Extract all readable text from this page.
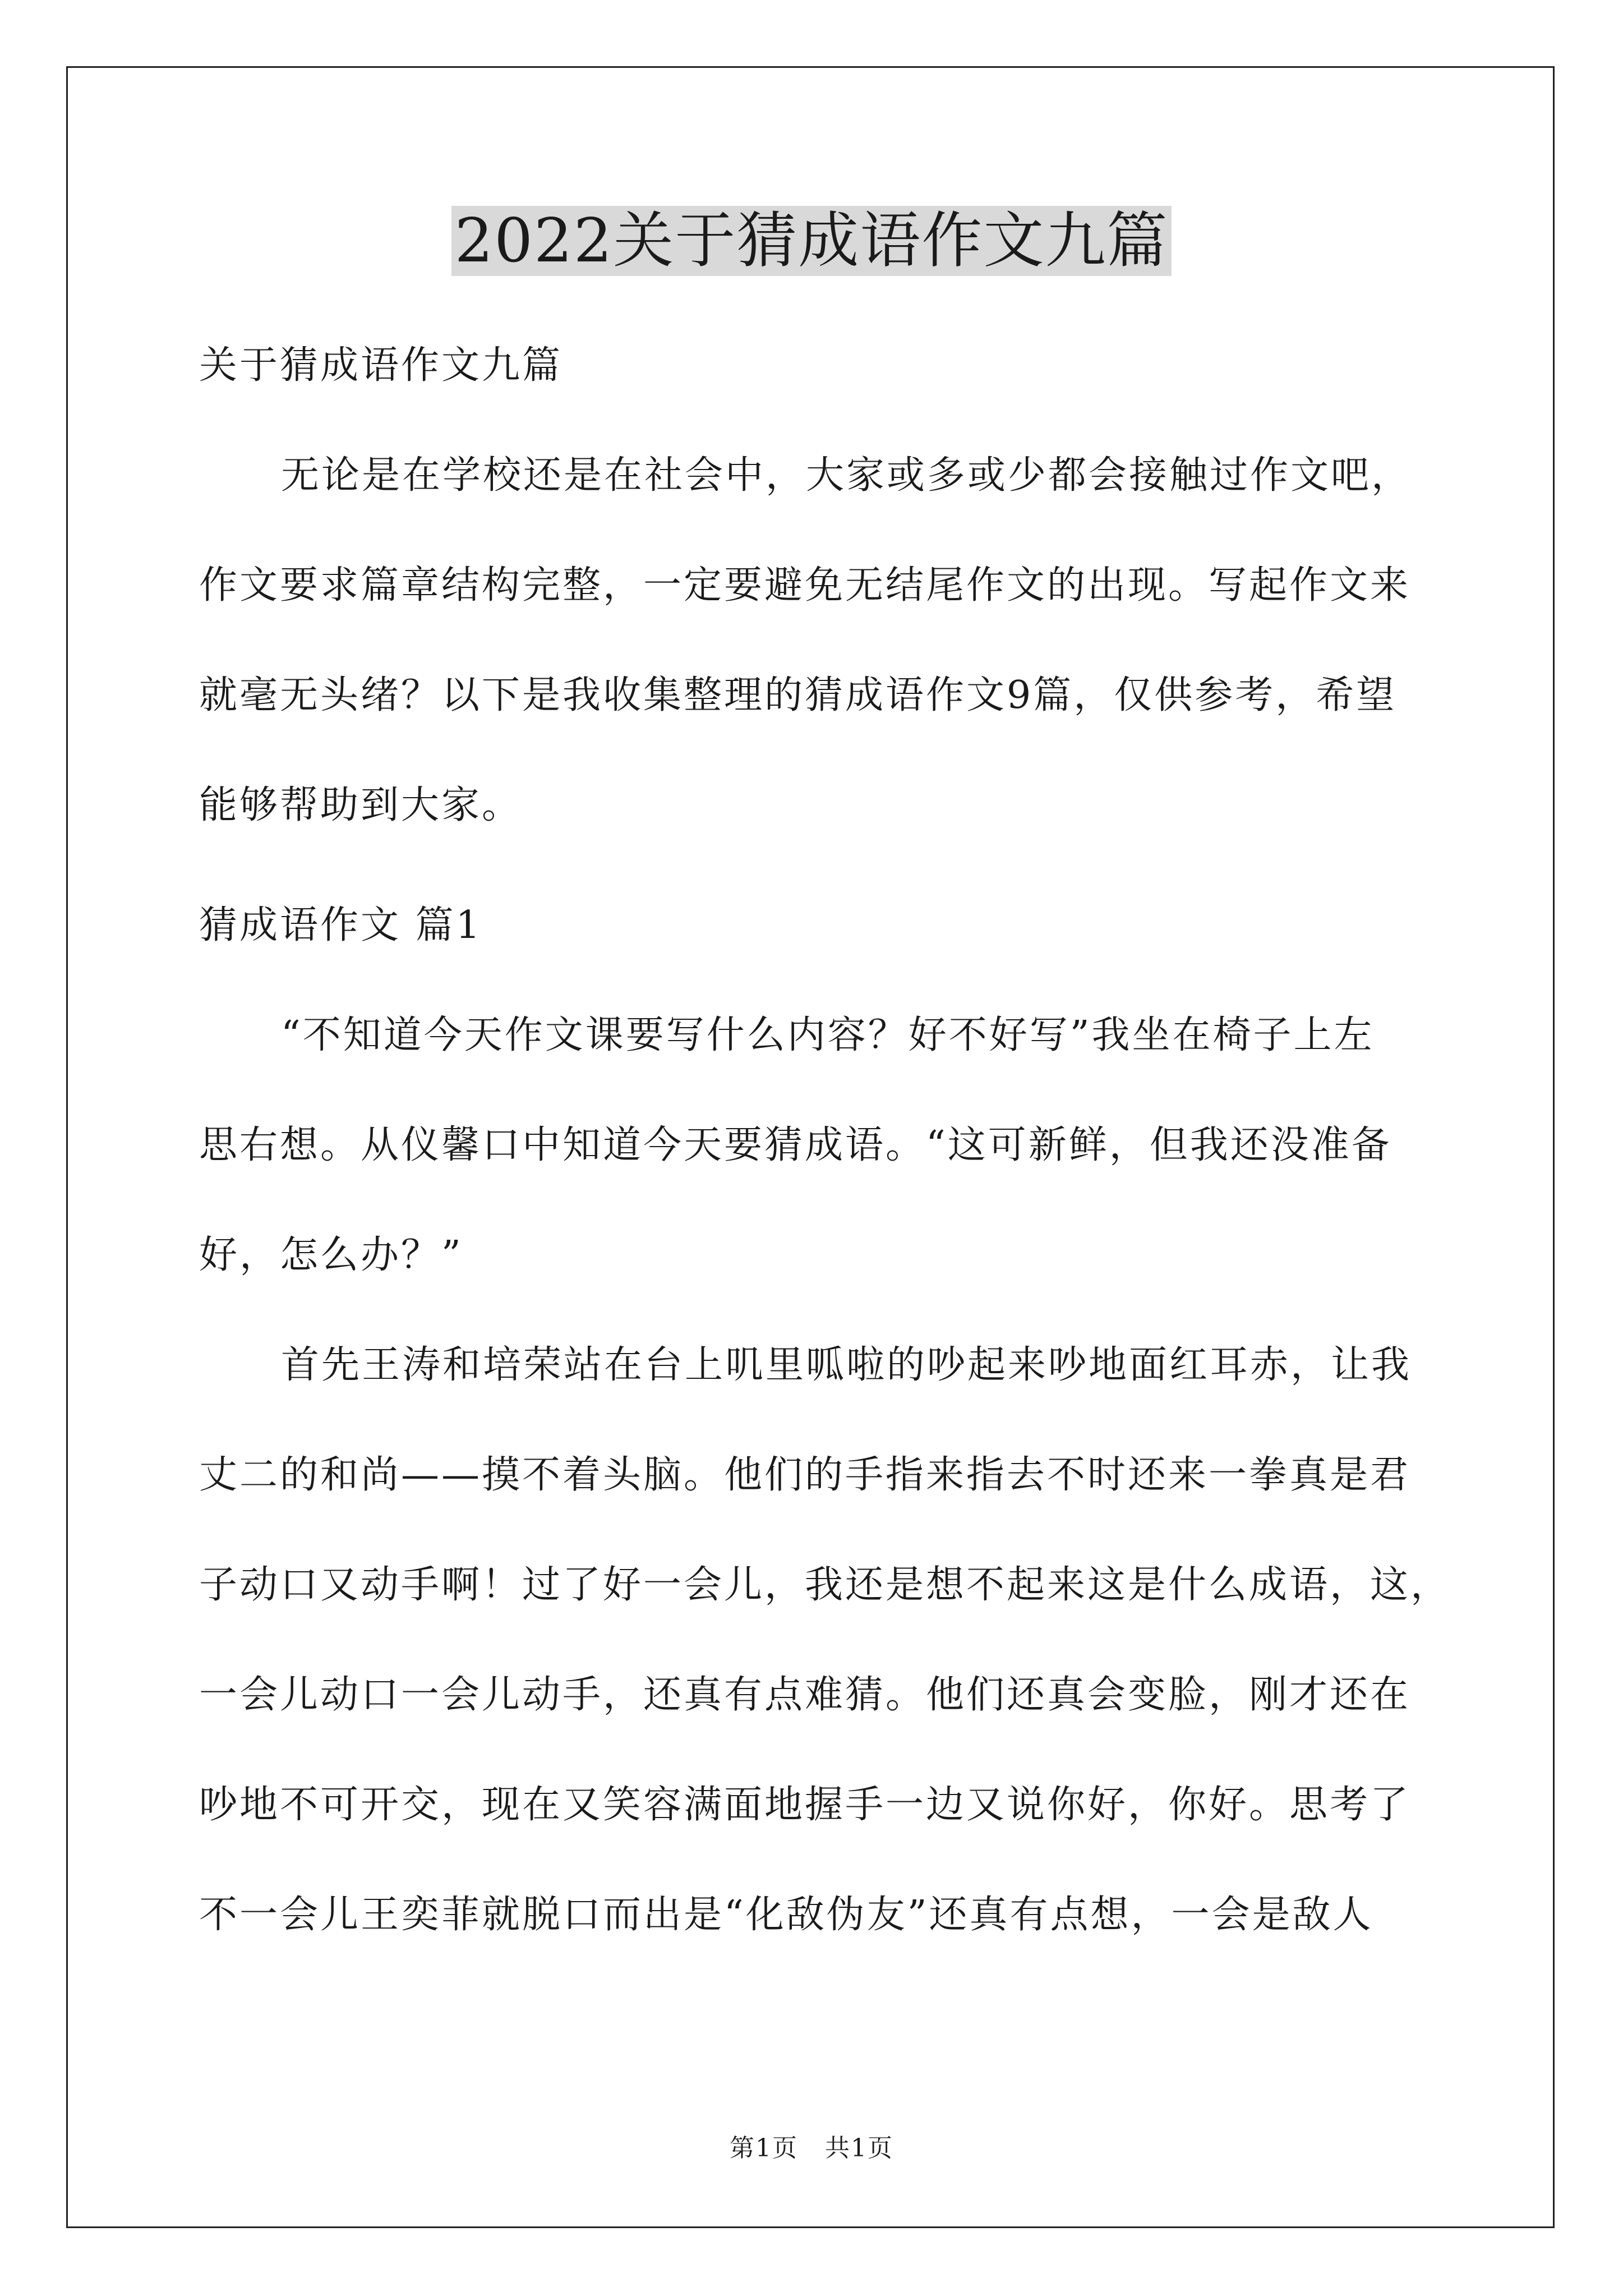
2022关于猜成语作文九篇
关于猜成语作文九篇
无论是在学校还是在社会中，大家或多或少都会接触过作文吧，
作文要求篇章结构完整，一定要避免无结尾作文的出现。写起作文来
就毫无头绪？以下是我收集整理的猜成语作文9篇，仅供参考，希望
能够帮助到大家。
猜成语作文 篇1
“不知道今天作文课要写什么内容？好不好写”我坐在椅子上左
思右想。从仪馨口中知道今天要猜成语。“这可新鲜，但我还没准备
好，怎么办？”
首先王涛和培荣站在台上叽里呱啦的吵起来吵地面红耳赤，让我
丈二的和尚——摸不着头脑。他们的手指来指去不时还来一拳真是君
子动口又动手啊！过了好一会儿，我还是想不起来这是什么成语，这，
一会儿动口一会儿动手，还真有点难猜。他们还真会变脸，刚才还在
吵地不可开交，现在又笑容满面地握手一边又说你好，你好。思考了
不一会儿王奕菲就脱口而出是“化敌伪友”还真有点想，一会是敌人
第1页 共1页
